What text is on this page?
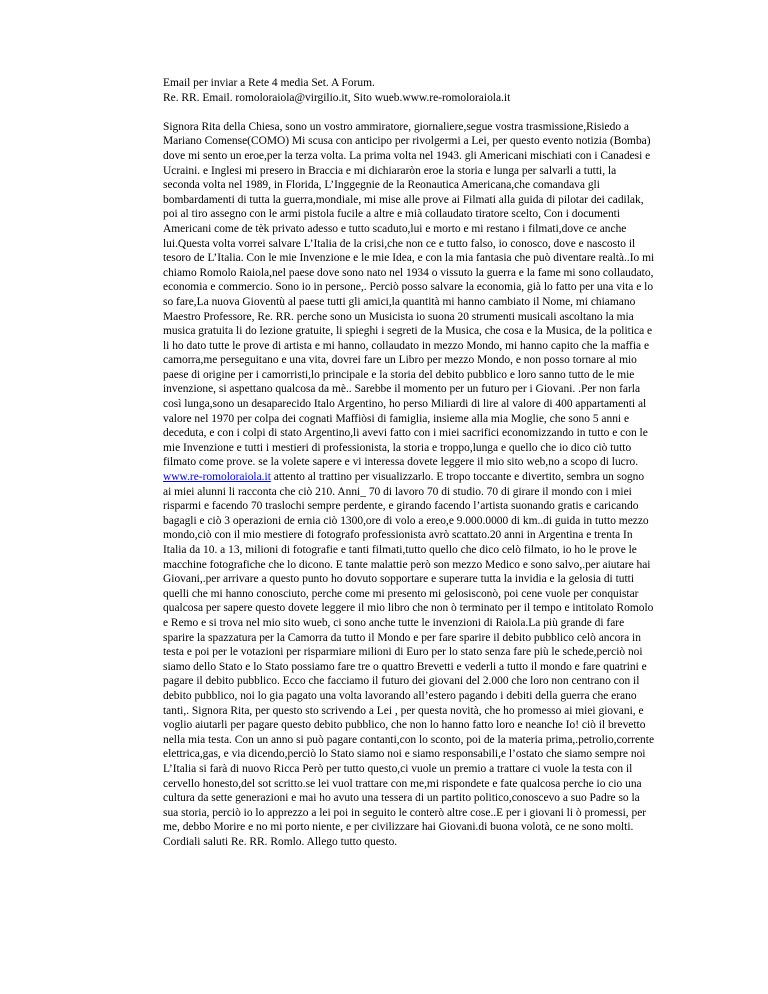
Email per inviar a Rete 4 media Set. A Forum.
Re. RR. Email. romoloraiola@virgilio.it, Sito wueb.www.re-romoloraiola.it

Signora Rita della Chiesa, sono un vostro ammiratore, giornaliere,segue vostra trasmissione,Risiedo a Mariano Comense(COMO) Mi scusa con anticipo per rivolgermi a Lei, per questo evento notizia (Bomba) dove mi sento un eroe,per la terza volta. La prima volta nel 1943. gli Americani mischiati con i Canadesi e Ucraini. e Inglesi mi presero in Braccia e mi dichiararòn eroe la storia e lunga per salvarli a tutti, la seconda volta nel 1989, in Florida, L’Inggegnie de la Reonautica Americana,che comandava gli bombardamenti di tutta la guerra,mondiale, mi mise alle prove ai Filmati alla guida di pilotar dei cadilak, poi al tiro assegno con le armi pistola fucile a altre e mià collaudato tiratore scelto, Con i documenti Americani come de tèk privato adesso e tutto scaduto,lui e morto e mi restano i filmati,dove ce anche lui.Questa volta vorrei salvare L’Italia de la crisi,che non ce e tutto falso, io conosco, dove e nascosto il tesoro de L’Italia. Con le mie Invenzione e le mie Idea, e con la mia fantasia che può diventare realtà..Io mi chiamo Romolo Raiola,nel paese dove sono nato nel 1934 o vissuto la guerra e la fame mi sono collaudato, economia e commercio. Sono io in persone,. Perciò posso salvare la economia, già lo fatto per una vita e lo so fare,La nuova Gioventù al paese tutti gli amici,la quantità mi hanno cambiato il Nome, mi chiamano Maestro Professore, Re. RR. perche sono un Musicista io suona 20 strumenti musicali ascoltano la mia musica gratuita li do lezione gratuite, li spieghi i segreti de la Musica, che cosa e la Musica, de la politica e li ho dato tutte le prove di artista e mi hanno, collaudato in mezzo Mondo, mi hanno capito che la maffia e camorra,me perseguitano e una vita, dovrei fare un Libro per mezzo Mondo, e non posso tornare al mio paese di origine per i camorristi,lo principale e la storia del debito pubblico e loro sanno tutto de le mie invenzione, si aspettano qualcosa da mè.. Sarebbe il momento per un futuro per i Giovani. .Per non farla così lunga,sono un desaparecido Italo Argentino, ho perso Miliardi di lire al valore di 400 appartamenti al valore nel 1970 per colpa dei cognati Maffiòsi di famiglia, insieme alla mia Moglie, che sono 5 anni e deceduta, e con i colpi di stato Argentino,li avevi fatto con i miei sacrifici economizzando in tutto e con le mie Invenzione e tutti i mestieri di professionista, la storia e troppo,lunga e quello che io dico ciò tutto filmato come prove. se la volete sapere e vi interessa dovete leggere il mio sito web,no a scopo di lucro. www.re-romoloraiola.it attento al trattino per visualizzarlo. E tropo toccante e divertito, sembra un sogno ai miei alunni li racconta che ciò 210. Anni_ 70 di lavoro 70 di studio. 70 di girare il mondo con i miei risparmi e facendo 70 traslochi sempre perdente, e girando facendo l’artista suonando gratis e caricando bagagli e ciò 3 operazioni de ernia ciò 1300,ore di volo a ereo,e 9.000.0000 di km..di guida in tutto mezzo mondo,ciò con il mio mestiere di fotografo professionista avrò scattato.20 anni in Argentina e trenta In Italia da 10. a 13, milioni di fotografie e tanti filmati,tutto quello che dico celò filmato, io ho le prove le macchine fotografiche che lo dicono. E tante malattie però son mezzo Medico e sono salvo,.per aiutare hai Giovani,.per arrivare a questo punto ho dovuto sopportare e superare tutta la invidia e la gelosia di tutti quelli che mi hanno conosciuto, perche come mi presento mi gelosisconò, poi cene vuole per conquistar qualcosa per sapere questo dovete leggere il mio libro che non ò terminato per il tempo e intitolato Romolo e Remo e si trova nel mio sito wueb, ci sono anche tutte le invenzioni di Raiola.La più grande di fare sparire la spazzatura per la Camorra da tutto il Mondo e per fare sparire il debito pubblico celò ancora in testa e poi per le votazioni per risparmiare milioni di Euro per lo stato senza fare più le schede,perciò noi siamo dello Stato e lo Stato possiamo fare tre o quattro Brevetti e vederli a tutto il mondo e fare quatrini e pagare il debito pubblico. Ecco che facciamo il futuro dei giovani del 2.000 che loro non centrano con il debito pubblico, noi lo gia pagato una volta lavorando all’estero pagando i debiti della guerra che erano tanti,. Signora Rita, per questo sto scrivendo a Lei , per questa novità, che ho promesso ai miei giovani, e voglio aiutarli per pagare questo debito pubblico, che non lo hanno fatto loro e neanche Io! ciò il brevetto nella mia testa. Con un anno si può pagare contanti,con lo sconto, poi de la materia prima,.petrolio,corrente elettrica,gas, e via dicendo,perciò lo Stato siamo noi e siamo responsabili,e l’ostato che siamo sempre noi L’Italia si farà di nuovo Ricca Però per tutto questo,ci vuole un premio a trattare ci vuole la testa con il cervello honesto,del sot scritto.se lei vuol trattare con me,mi rispondete e fate qualcosa perche io cio una cultura da sette generazioni e mai ho avuto una tessera di un partito politico,conoscevo a suo Padre so la sua storia, perciò io lo apprezzo a lei poi in seguito le conterò altre cose..E per i giovani li ò promessi, per me, debbo Morire e no mi porto niente, e per civilizzare hai Giovani.di buona volotà, ce ne sono molti. Cordiali saluti Re. RR. Romlo. Allego tutto questo.
